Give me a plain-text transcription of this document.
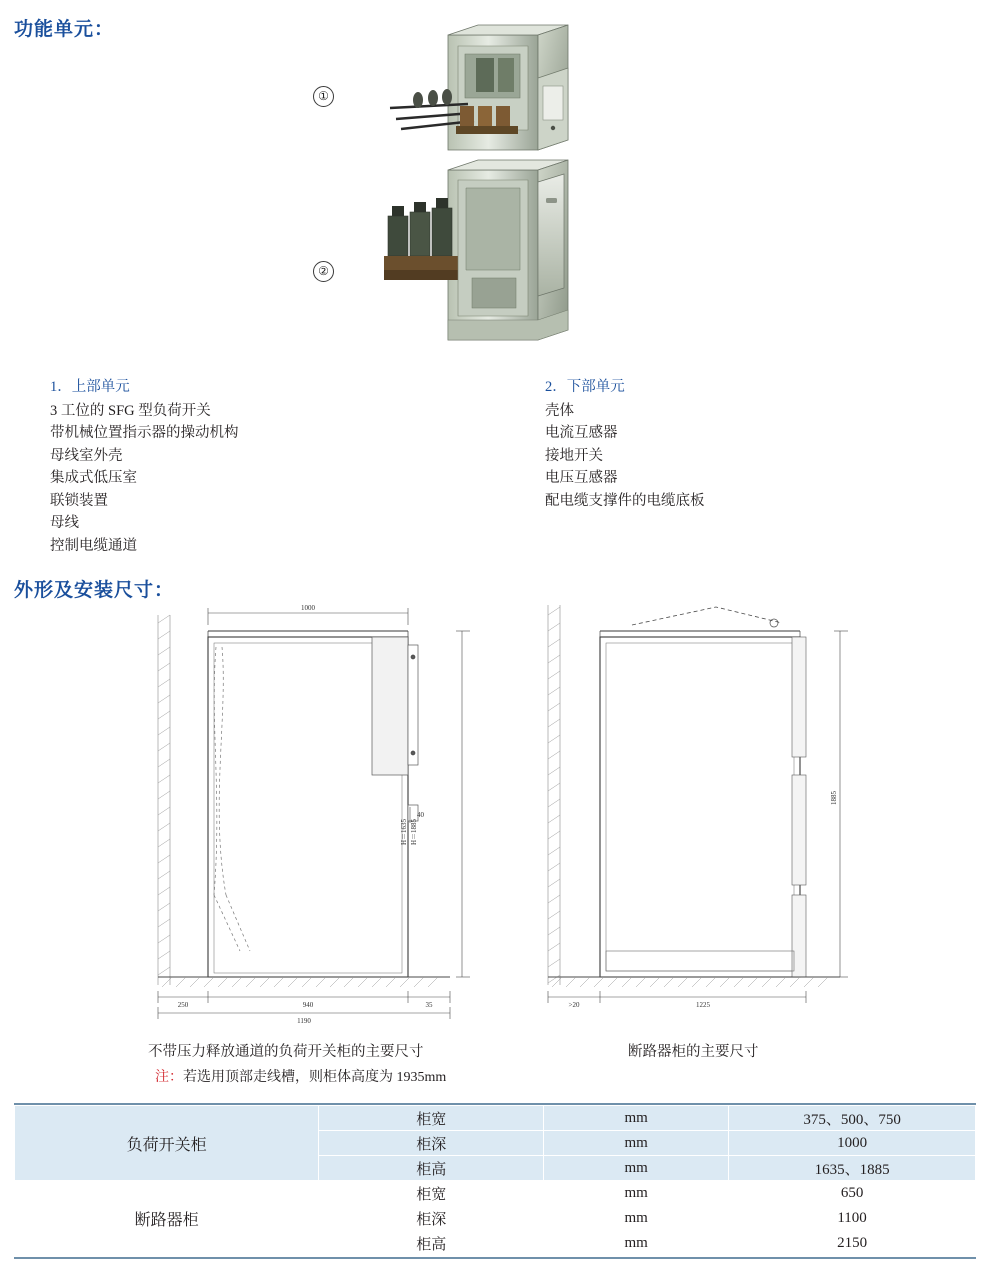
功能单元：
①
②
1．上部单元
3 工位的 SFG 型负荷开关
带机械位置指示器的操动机构
母线室外壳
集成式低压室
联锁装置
母线
控制电缆通道
2．下部单元
壳体
电流互感器
接地开关
电压互感器
配电缆支撑件的电缆底板
外形及安装尺寸：
1000
40
250	940	35
1190
H＝1635 H＝1885
1885
>20	1225
不带压力释放通道的负荷开关柜的主要尺寸	断路器柜的主要尺寸
注：若选用顶部走线槽，则柜体高度为 1935mm
负荷开关柜	柜宽	mm	375、500、750
	柜深	mm	1000
	柜高	mm	1635、1885
断路器柜	柜宽	mm	650
	柜深	mm	1100
	柜高	mm	2150
